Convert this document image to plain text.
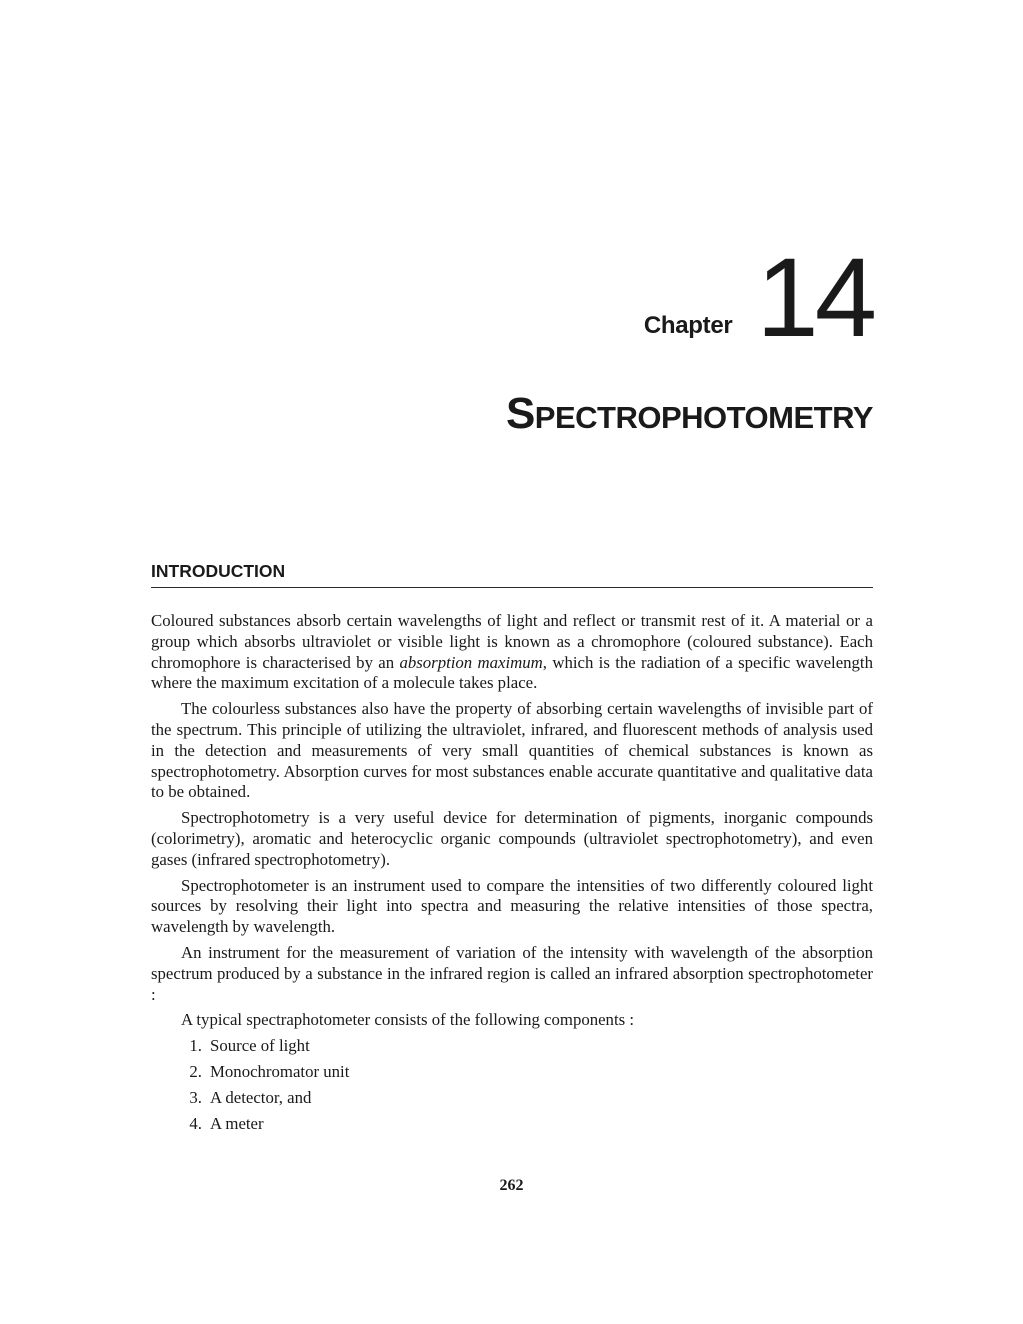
Chapter 14
SPECTROPHOTOMETRY
INTRODUCTION

Coloured substances absorb certain wavelengths of light and reflect or transmit rest of it. A material or a group which absorbs ultraviolet or visible light is known as a chromophore (coloured substance). Each chromophore is characterised by an absorption maximum, which is the radiation of a specific wavelength where the maximum excitation of a molecule takes place.

The colourless substances also have the property of absorbing certain wavelengths of invisible part of the spectrum. This principle of utilizing the ultraviolet, infrared, and fluorescent methods of analysis used in the detection and measurements of very small quantities of chemical substances is known as spectrophotometry. Absorption curves for most substances enable accurate quantitative and qualitative data to be obtained.

Spectrophotometry is a very useful device for determination of pigments, inorganic compounds (colorimetry), aromatic and heterocyclic organic compounds (ultraviolet spectrophotometry), and even gases (infrared spectrophotometry).

Spectrophotometer is an instrument used to compare the intensities of two differently coloured light sources by resolving their light into spectra and measuring the relative intensities of those spectra, wavelength by wavelength.

An instrument for the measurement of variation of the intensity with wavelength of the absorption spectrum produced by a substance in the infrared region is called an infrared absorption spectrophotometer :

A typical spectraphotometer consists of the following components :

1. Source of light
2. Monochromator unit
3. A detector, and
4. A meter
262
